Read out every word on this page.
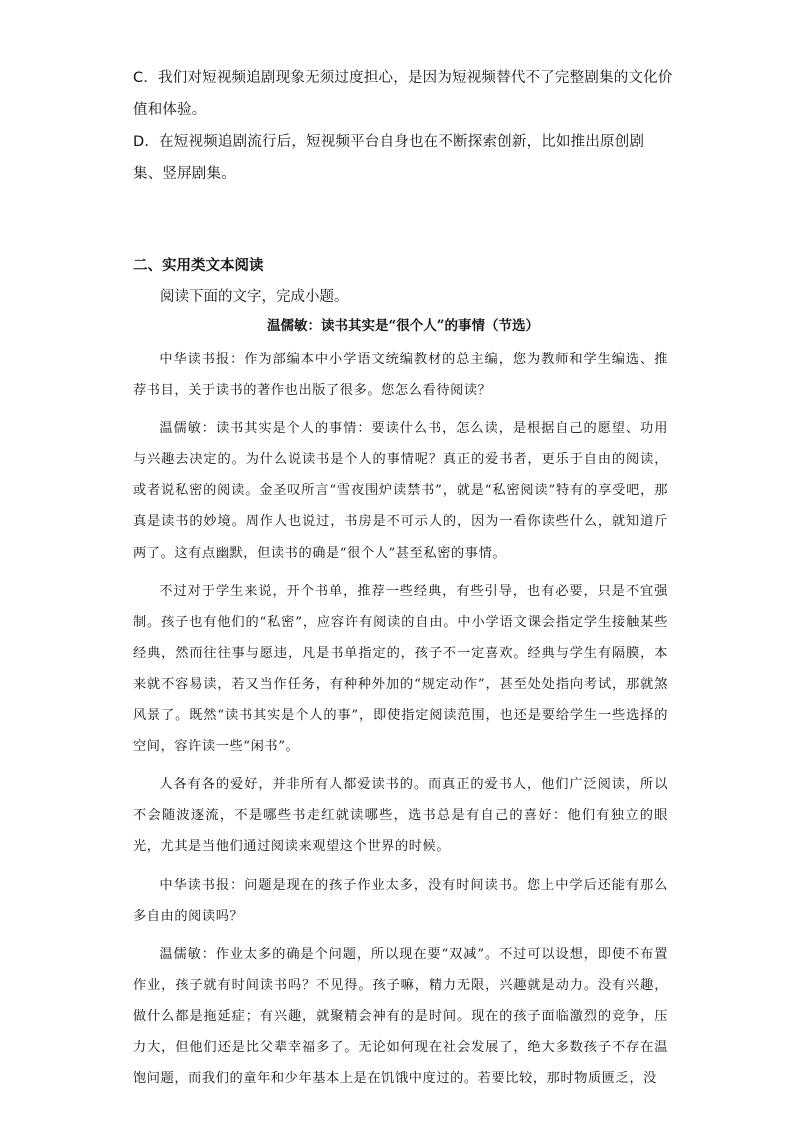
C．我们对短视频追剧现象无须过度担心，是因为短视频替代不了完整剧集的文化价值和体验。
D．在短视频追剧流行后，短视频平台自身也在不断探索创新，比如推出原创剧集、竖屏剧集。
二、实用类文本阅读
阅读下面的文字，完成小题。
温儒敏：读书其实是“很个人”的事情（节选）

中华读书报：作为部编本中小学语文统编教材的总主编，您为教师和学生编选、推荐书目，关于读书的著作也出版了很多。您怎么看待阅读？

温儒敏：读书其实是个人的事情：要读什么书，怎么读，是根据自己的愿望、功用与兴趣去决定的。为什么说读书是个人的事情呢？真正的爱书者，更乐于自由的阅读，或者说私密的阅读。金圣叹所言“雪夜围炉读禁书”，就是“私密阅读”特有的享受吧，那真是读书的妙境。周作人也说过，书房是不可示人的，因为一看你读些什么，就知道斤两了。这有点幽默，但读书的确是“很个人”甚至私密的事情。

不过对于学生来说，开个书单，推荐一些经典，有些引导，也有必要，只是不宜强制。孩子也有他们的“私密”，应容许有阅读的自由。中小学语文课会指定学生接触某些经典，然而往往事与愿违，凡是书单指定的，孩子不一定喜欢。经典与学生有隔膜，本来就不容易读，若又当作任务，有种种外加的“规定动作”，甚至处处指向考试，那就煞风景了。既然“读书其实是个人的事”，即使指定阅读范围，也还是要给学生一些选择的空间，容许读一些“闲书”。

人各有各的爱好，并非所有人都爱读书的。而真正的爱书人，他们广泛阅读，所以不会随波逐流，不是哪些书走红就读哪些，选书总是有自己的喜好：他们有独立的眼光，尤其是当他们通过阅读来观望这个世界的时候。

中华读书报：问题是现在的孩子作业太多，没有时间读书。您上中学后还能有那么多自由的阅读吗？

温儒敏：作业太多的确是个问题，所以现在要“双减”。不过可以设想，即使不布置作业，孩子就有时间读书吗？不见得。孩子嘛，精力无限，兴趣就是动力。没有兴趣，做什么都是拖延症；有兴趣，就聚精会神有的是时间。现在的孩子面临激烈的竞争，压力大，但他们还是比父辈幸福多了。无论如何现在社会发展了，绝大多数孩子不存在温饱问题，而我们的童年和少年基本上是在饥饿中度过的。若要比较，那时物质匮乏，没
